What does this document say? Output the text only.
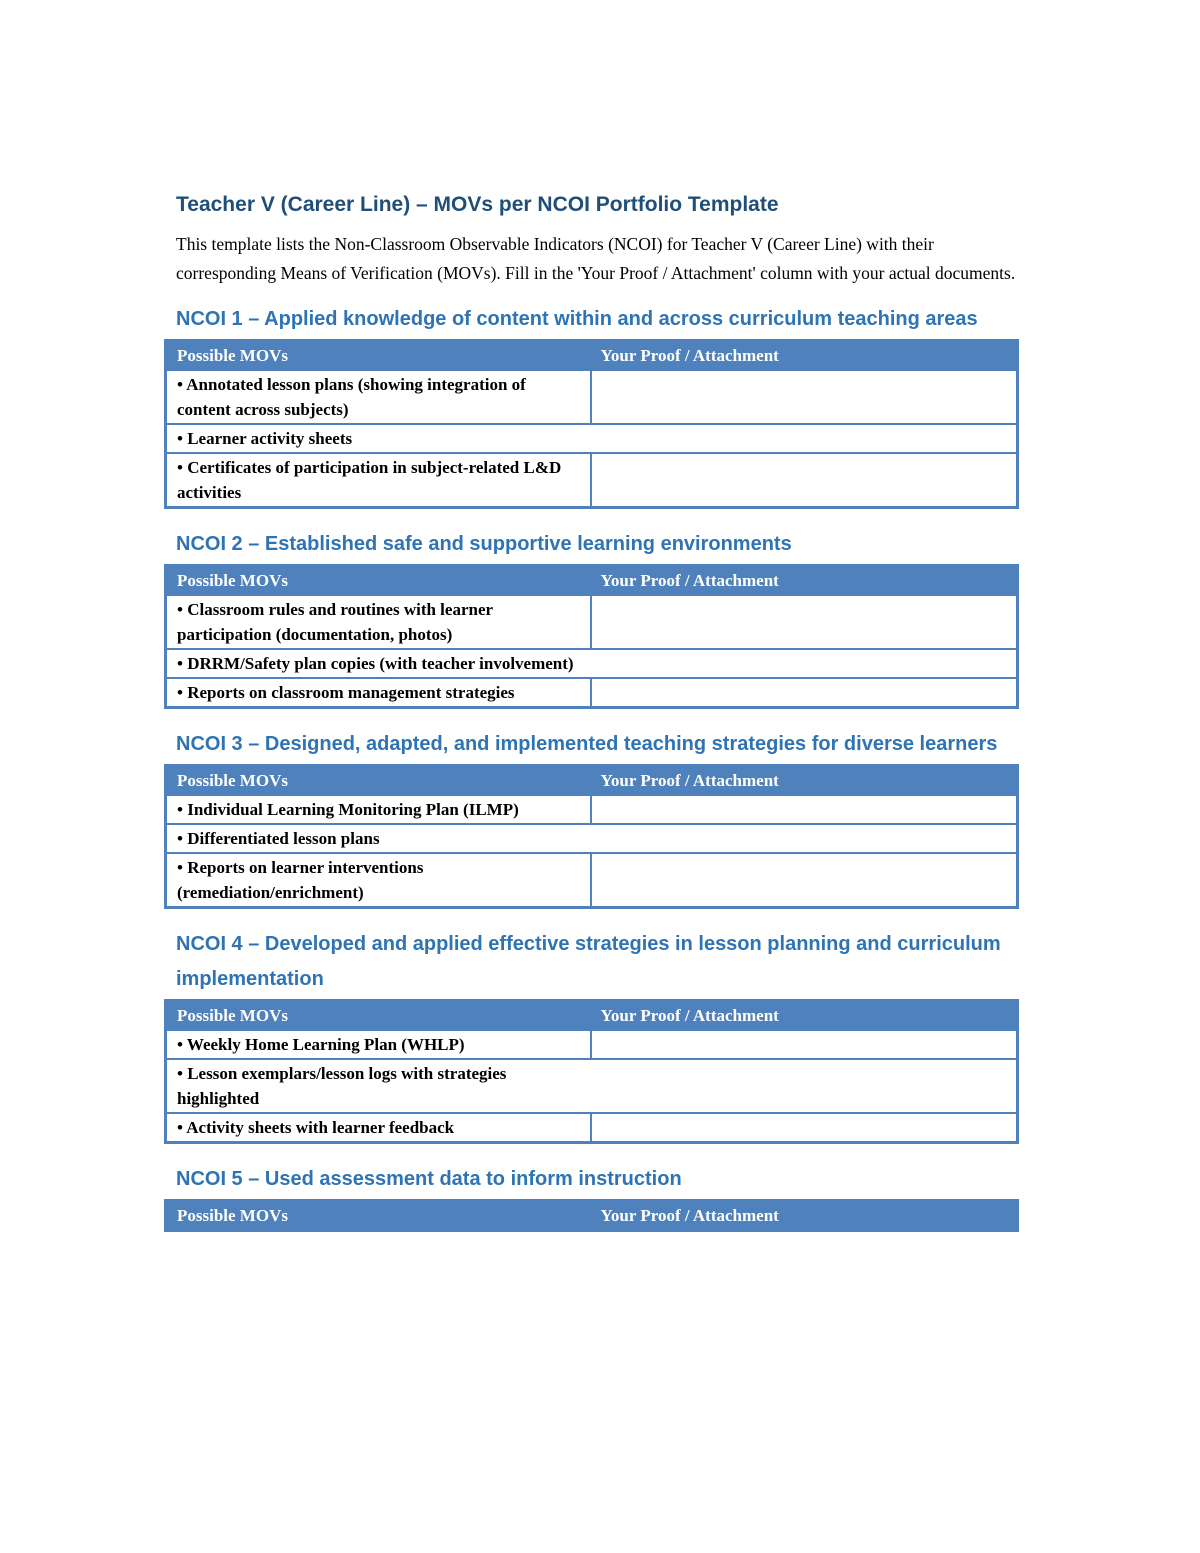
Teacher V (Career Line) – MOVs per NCOI Portfolio Template

This template lists the Non-Classroom Observable Indicators (NCOI) for Teacher V (Career Line) with their corresponding Means of Verification (MOVs). Fill in the 'Your Proof / Attachment' column with your actual documents.

NCOI 1 – Applied knowledge of content within and across curriculum teaching areas
Possible MOVs	Your Proof / Attachment
• Annotated lesson plans (showing integration of content across subjects)	
• Learner activity sheets	
• Certificates of participation in subject-related L&D activities	
NCOI 2 – Established safe and supportive learning environments
Possible MOVs	Your Proof / Attachment
• Classroom rules and routines with learner participation (documentation, photos)	
• DRRM/Safety plan copies (with teacher involvement)	
• Reports on classroom management strategies	
NCOI 3 – Designed, adapted, and implemented teaching strategies for diverse learners
Possible MOVs	Your Proof / Attachment
• Individual Learning Monitoring Plan (ILMP)	
• Differentiated lesson plans	
• Reports on learner interventions (remediation/enrichment)	
NCOI 4 – Developed and applied effective strategies in lesson planning and curriculum implementation
Possible MOVs	Your Proof / Attachment
• Weekly Home Learning Plan (WHLP)	
• Lesson exemplars/lesson logs with strategies highlighted	
• Activity sheets with learner feedback	
NCOI 5 – Used assessment data to inform instruction
Possible MOVs	Your Proof / Attachment
